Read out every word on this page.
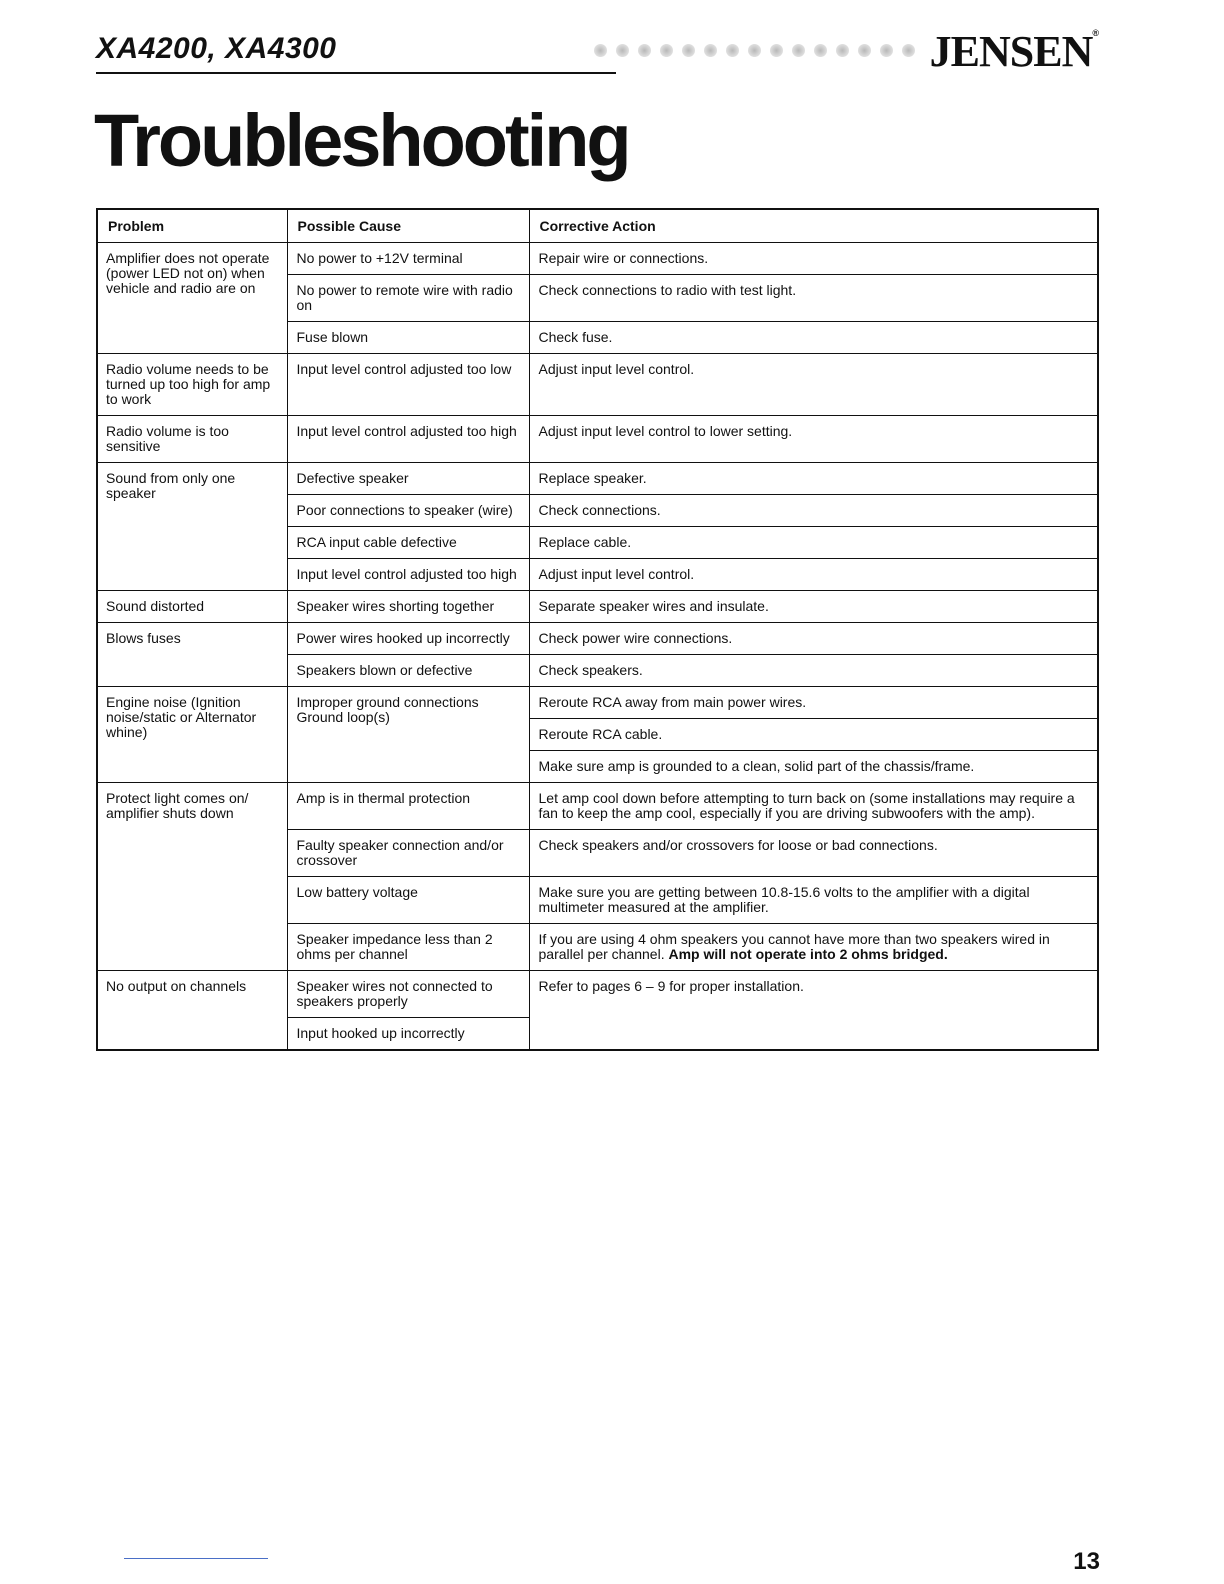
XA4200, XA4300	JENSEN®
Troubleshooting
Problem	Possible Cause	Corrective Action
Amplifier does not operate (power LED not on) when vehicle and radio are on	No power to +12V terminal	Repair wire or connections.
	No power to remote wire with radio on	Check connections to radio with test light.
	Fuse blown	Check fuse.
Radio volume needs to be turned up too high for amp to work	Input level control adjusted too low	Adjust input level control.
Radio volume is too sensitive	Input level control adjusted too high	Adjust input level control to lower setting.
Sound from only one speaker	Defective speaker	Replace speaker.
	Poor connections to speaker (wire)	Check connections.
	RCA input cable defective	Replace cable.
	Input level control adjusted too high	Adjust input level control.
Sound distorted	Speaker wires shorting together	Separate speaker wires and insulate.
Blows fuses	Power wires hooked up incorrectly	Check power wire connections.
	Speakers blown or defective	Check speakers.
Engine noise (Ignition noise/static or Alternator whine)	Improper ground connections Ground loop(s)	Reroute RCA away from main power wires.
		Reroute RCA cable.
		Make sure amp is grounded to a clean, solid part of the chassis/frame.
Protect light comes on/ amplifier shuts down	Amp is in thermal protection	Let amp cool down before attempting to turn back on (some installations may require a fan to keep the amp cool, especially if you are driving subwoofers with the amp).
	Faulty speaker connection and/or crossover	Check speakers and/or crossovers for loose or bad connections.
	Low battery voltage	Make sure you are getting between 10.8-15.6 volts to the amplifier with a digital multimeter measured at the amplifier.
	Speaker impedance less than 2 ohms per channel	If you are using 4 ohm speakers you cannot have more than two speakers wired in parallel per channel. Amp will not operate into 2 ohms bridged.
No output on channels	Speaker wires not connected to speakers properly	Refer to pages 6 – 9 for proper installation.
	Input hooked up incorrectly	
13
